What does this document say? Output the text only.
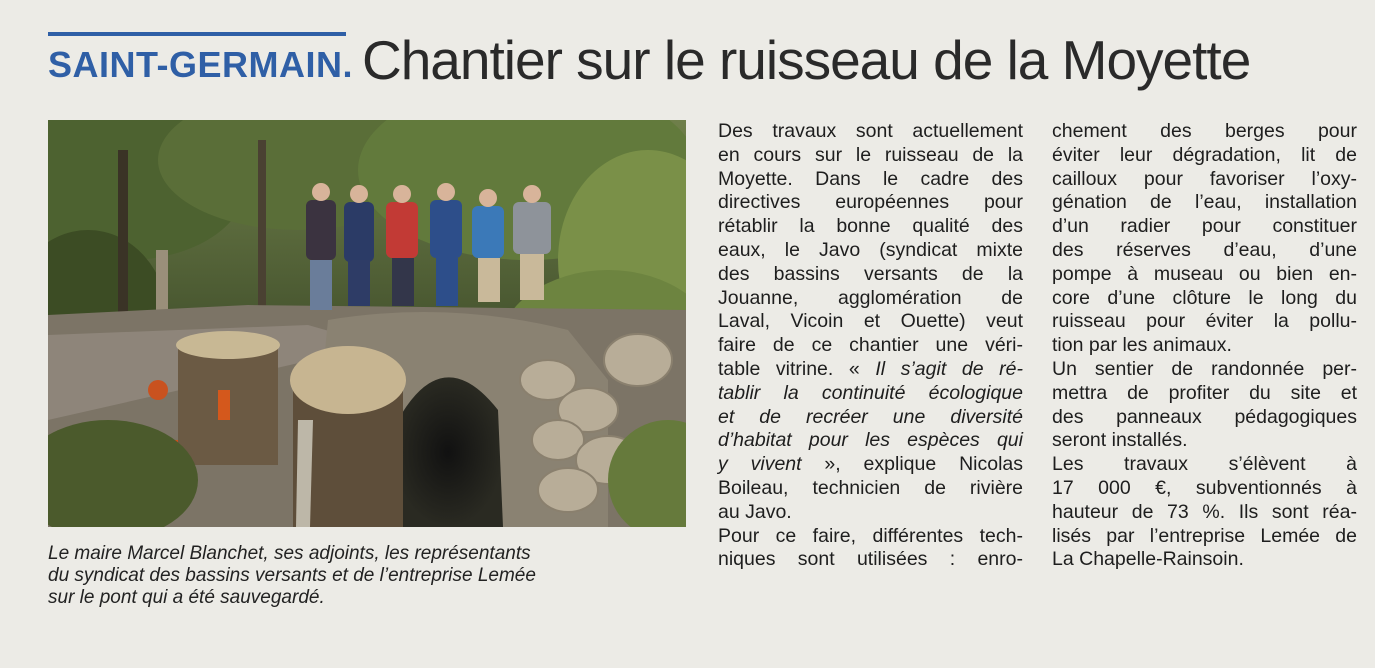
SAINT-GERMAIN. Chantier sur le ruisseau de la Moyette
Le maire Marcel Blanchet, ses adjoints, les représentants
du syndicat des bassins versants et de l’entreprise Lemée
sur le pont qui a été sauvegardé.
Des travaux sont actuellement
en cours sur le ruisseau de la
Moyette. Dans le cadre des
directives européennes pour
rétablir la bonne qualité des
eaux, le Javo (syndicat mixte
des bassins versants de la
Jouanne, agglomération de
Laval, Vicoin et Ouette) veut
faire de ce chantier une véri-
table vitrine. « Il s’agit de ré-
tablir la continuité écologique
et de recréer une diversité
d’habitat pour les espèces qui
y vivent », explique Nicolas
Boileau, technicien de rivière
au Javo.
Pour ce faire, différentes tech-
niques sont utilisées : enro-
chement des berges pour
éviter leur dégradation, lit de
cailloux pour favoriser l’oxy-
génation de l’eau, installation
d’un radier pour constituer
des réserves d’eau, d’une
pompe à museau ou bien en-
core d’une clôture le long du
ruisseau pour éviter la pollu-
tion par les animaux.
Un sentier de randonnée per-
mettra de profiter du site et
des panneaux pédagogiques
seront installés.
Les travaux s’élèvent à
17 000 €, subventionnés à
hauteur de 73 %. Ils sont réa-
lisés par l’entreprise Lemée de
La Chapelle-Rainsoin.
